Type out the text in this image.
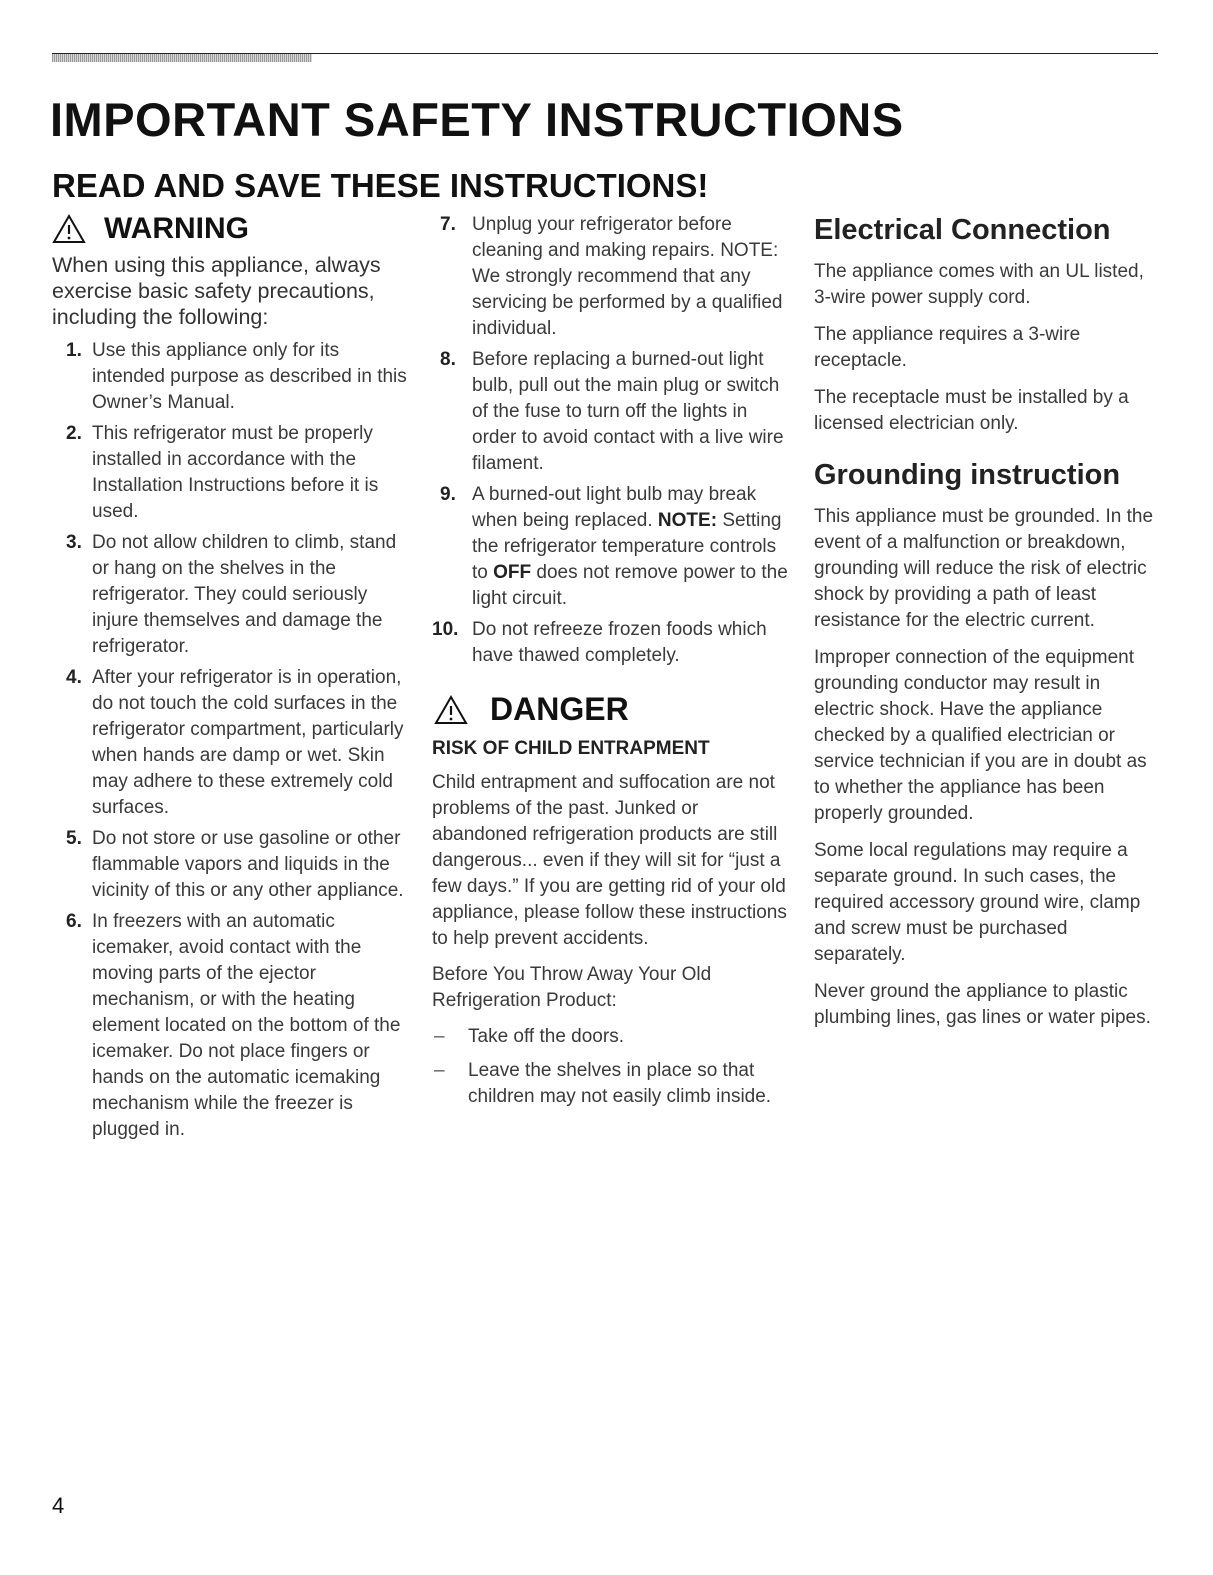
IMPORTANT SAFETY INSTRUCTIONS
READ AND SAVE THESE INSTRUCTIONS!
WARNING

When using this appliance, always exercise basic safety precautions, including the following:

1. Use this appliance only for its intended purpose as described in this Owner’s Manual.
2. This refrigerator must be properly installed in accordance with the Installation Instructions before it is used.
3. Do not allow children to climb, stand or hang on the shelves in the refrigerator. They could seriously injure themselves and damage the refrigerator.
4. After your refrigerator is in operation, do not touch the cold surfaces in the refrigerator compartment, particularly when hands are damp or wet. Skin may adhere to these extremely cold surfaces.
5. Do not store or use gasoline or other flammable vapors and liquids in the vicinity of this or any other appliance.
6. In freezers with an automatic icemaker, avoid contact with the moving parts of the ejector mechanism, or with the heating element located on the bottom of the icemaker. Do not place fingers or hands on the automatic icemaking mechanism while the freezer is plugged in.
7. Unplug your refrigerator before cleaning and making repairs. NOTE: We strongly recommend that any servicing be performed by a qualified individual.
8. Before replacing a burned-out light bulb, pull out the main plug or switch of the fuse to turn off the lights in order to avoid contact with a live wire filament.
9. A burned-out light bulb may break when being replaced. NOTE: Setting the refrigerator temperature controls to OFF does not remove power to the light circuit.
10. Do not refreeze frozen foods which have thawed completely.
DANGER
RISK OF CHILD ENTRAPMENT

Child entrapment and suffocation are not problems of the past. Junked or abandoned refrigeration products are still dangerous... even if they will sit for “just a few days.” If you are getting rid of your old appliance, please follow these instructions to help prevent accidents.

Before You Throw Away Your Old Refrigeration Product:

– Take off the doors.
– Leave the shelves in place so that children may not easily climb inside.
Electrical Connection

The appliance comes with an UL listed, 3-wire power supply cord.

The appliance requires a 3-wire receptacle.

The receptacle must be installed by a licensed electrician only.

Grounding instruction

This appliance must be grounded. In the event of a malfunction or breakdown, grounding will reduce the risk of electric shock by providing a path of least resistance for the electric current.

Improper connection of the equipment grounding conductor may result in electric shock. Have the appliance checked by a qualified electrician or service technician if you are in doubt as to whether the appliance has been properly grounded.

Some local regulations may require a separate ground. In such cases, the required accessory ground wire, clamp and screw must be purchased separately.

Never ground the appliance to plastic plumbing lines, gas lines or water pipes.

4
